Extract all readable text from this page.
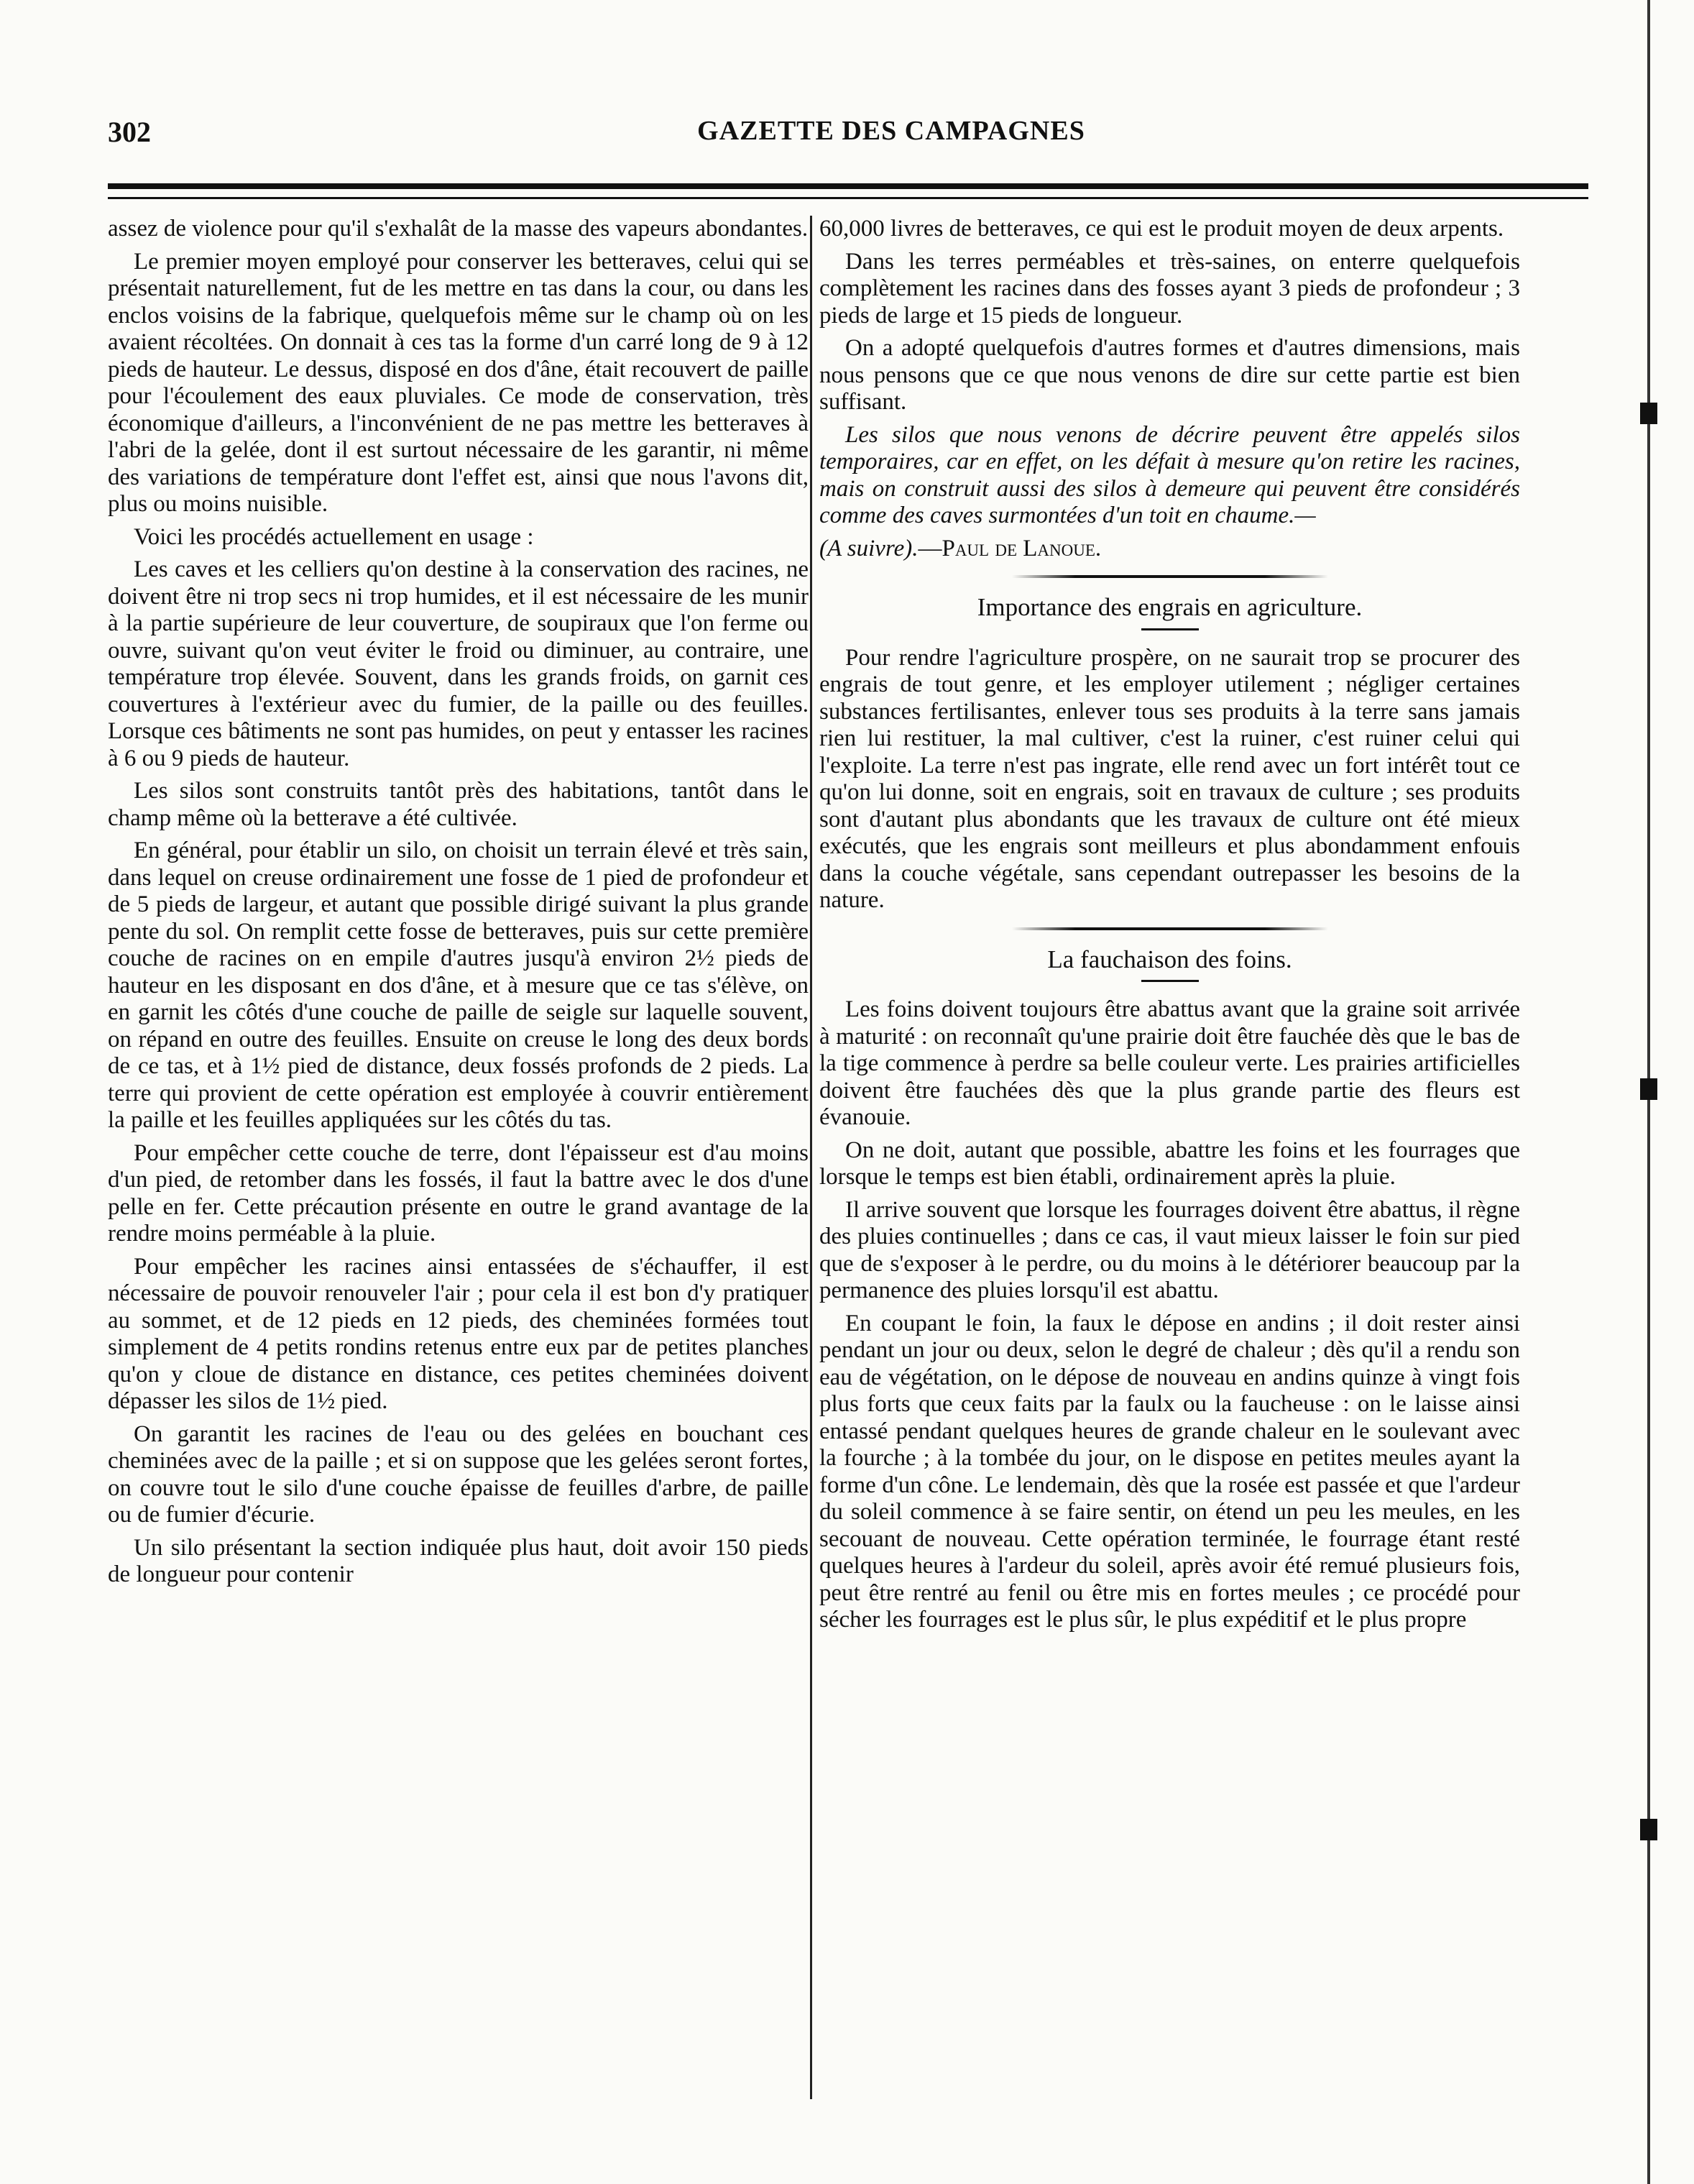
302	GAZETTE DES CAMPAGNES

assez de violence pour qu'il s'exhalât de la masse des vapeurs abondantes.

Le premier moyen employé pour conserver les betteraves, celui qui se présentait naturellement, fut de les mettre en tas dans la cour, ou dans les enclos voisins de la fabrique, quelquefois même sur le champ où on les avaient récoltées. On donnait à ces tas la forme d'un carré long de 9 à 12 pieds de hauteur. Le dessus, disposé en dos d'âne, était recouvert de paille pour l'écoulement des eaux pluviales. Ce mode de conservation, très économique d'ailleurs, a l'inconvénient de ne pas mettre les betteraves à l'abri de la gelée, dont il est surtout nécessaire de les garantir, ni même des variations de température dont l'effet est, ainsi que nous l'avons dit, plus ou moins nuisible.

Voici les procédés actuellement en usage :

Les caves et les celliers qu'on destine à la conservation des racines, ne doivent être ni trop secs ni trop humides, et il est nécessaire de les munir à la partie supérieure de leur couverture, de soupiraux que l'on ferme ou ouvre, suivant qu'on veut éviter le froid ou diminuer, au contraire, une température trop élevée. Souvent, dans les grands froids, on garnit ces couvertures à l'extérieur avec du fumier, de la paille ou des feuilles. Lorsque ces bâtiments ne sont pas humides, on peut y entasser les racines à 6 ou 9 pieds de hauteur.

Les silos sont construits tantôt près des habitations, tantôt dans le champ même où la betterave a été cultivée.

En général, pour établir un silo, on choisit un terrain élevé et très sain, dans lequel on creuse ordinairement une fosse de 1 pied de profondeur et de 5 pieds de largeur, et autant que possible dirigé suivant la plus grande pente du sol. On remplit cette fosse de betteraves, puis sur cette première couche de racines on en empile d'autres jusqu'à environ 2½ pieds de hauteur en les disposant en dos d'âne, et à mesure que ce tas s'élève, on en garnit les côtés d'une couche de paille de seigle sur laquelle souvent, on répand en outre des feuilles. Ensuite on creuse le long des deux bords de ce tas, et à 1½ pied de distance, deux fossés profonds de 2 pieds. La terre qui provient de cette opération est employée à couvrir entièrement la paille et les feuilles appliquées sur les côtés du tas.

Pour empêcher cette couche de terre, dont l'épaisseur est d'au moins d'un pied, de retomber dans les fossés, il faut la battre avec le dos d'une pelle en fer. Cette précaution présente en outre le grand avantage de la rendre moins perméable à la pluie.

Pour empêcher les racines ainsi entassées de s'échauffer, il est nécessaire de pouvoir renouveler l'air ; pour cela il est bon d'y pratiquer au sommet, et de 12 pieds en 12 pieds, des cheminées formées tout simplement de 4 petits rondins retenus entre eux par de petites planches qu'on y cloue de distance en distance, ces petites cheminées doivent dépasser les silos de 1½ pied.

On garantit les racines de l'eau ou des gelées en bouchant ces cheminées avec de la paille ; et si on suppose que les gelées seront fortes, on couvre tout le silo d'une couche épaisse de feuilles d'arbre, de paille ou de fumier d'écurie.

Un silo présentant la section indiquée plus haut, doit avoir 150 pieds de longueur pour contenir

60,000 livres de betteraves, ce qui est le produit moyen de deux arpents.

Dans les terres perméables et très-saines, on enterre quelquefois complètement les racines dans des fosses ayant 3 pieds de profondeur ; 3 pieds de large et 15 pieds de longueur.

On a adopté quelquefois d'autres formes et d'autres dimensions, mais nous pensons que ce que nous venons de dire sur cette partie est bien suffisant.

Les silos que nous venons de décrire peuvent être appelés silos temporaires, car en effet, on les défait à mesure qu'on retire les racines, mais on construit aussi des silos à demeure qui peuvent être considérés comme des caves surmontées d'un toit en chaume.—

(A suivre).—Paul de Lanoue.

Importance des engrais en agriculture.

Pour rendre l'agriculture prospère, on ne saurait trop se procurer des engrais de tout genre, et les employer utilement ; négliger certaines substances fertilisantes, enlever tous ses produits à la terre sans jamais rien lui restituer, la mal cultiver, c'est la ruiner, c'est ruiner celui qui l'exploite. La terre n'est pas ingrate, elle rend avec un fort intérêt tout ce qu'on lui donne, soit en engrais, soit en travaux de culture ; ses produits sont d'autant plus abondants que les travaux de culture ont été mieux exécutés, que les engrais sont meilleurs et plus abondamment enfouis dans la couche végétale, sans cependant outrepasser les besoins de la nature.

La fauchaison des foins.

Les foins doivent toujours être abattus avant que la graine soit arrivée à maturité : on reconnaît qu'une prairie doit être fauchée dès que le bas de la tige commence à perdre sa belle couleur verte. Les prairies artificielles doivent être fauchées dès que la plus grande partie des fleurs est évanouie.

On ne doit, autant que possible, abattre les foins et les fourrages que lorsque le temps est bien établi, ordinairement après la pluie.

Il arrive souvent que lorsque les fourrages doivent être abattus, il règne des pluies continuelles ; dans ce cas, il vaut mieux laisser le foin sur pied que de s'exposer à le perdre, ou du moins à le détériorer beaucoup par la permanence des pluies lorsqu'il est abattu.

En coupant le foin, la faux le dépose en andins ; il doit rester ainsi pendant un jour ou deux, selon le degré de chaleur ; dès qu'il a rendu son eau de végétation, on le dépose de nouveau en andins quinze à vingt fois plus forts que ceux faits par la faulx ou la faucheuse : on le laisse ainsi entassé pendant quelques heures de grande chaleur en le soulevant avec la fourche ; à la tombée du jour, on le dispose en petites meules ayant la forme d'un cône. Le lendemain, dès que la rosée est passée et que l'ardeur du soleil commence à se faire sentir, on étend un peu les meules, en les secouant de nouveau. Cette opération terminée, le fourrage étant resté quelques heures à l'ardeur du soleil, après avoir été remué plusieurs fois, peut être rentré au fenil ou être mis en fortes meules ; ce procédé pour sécher les fourrages est le plus sûr, le plus expéditif et le plus propre
